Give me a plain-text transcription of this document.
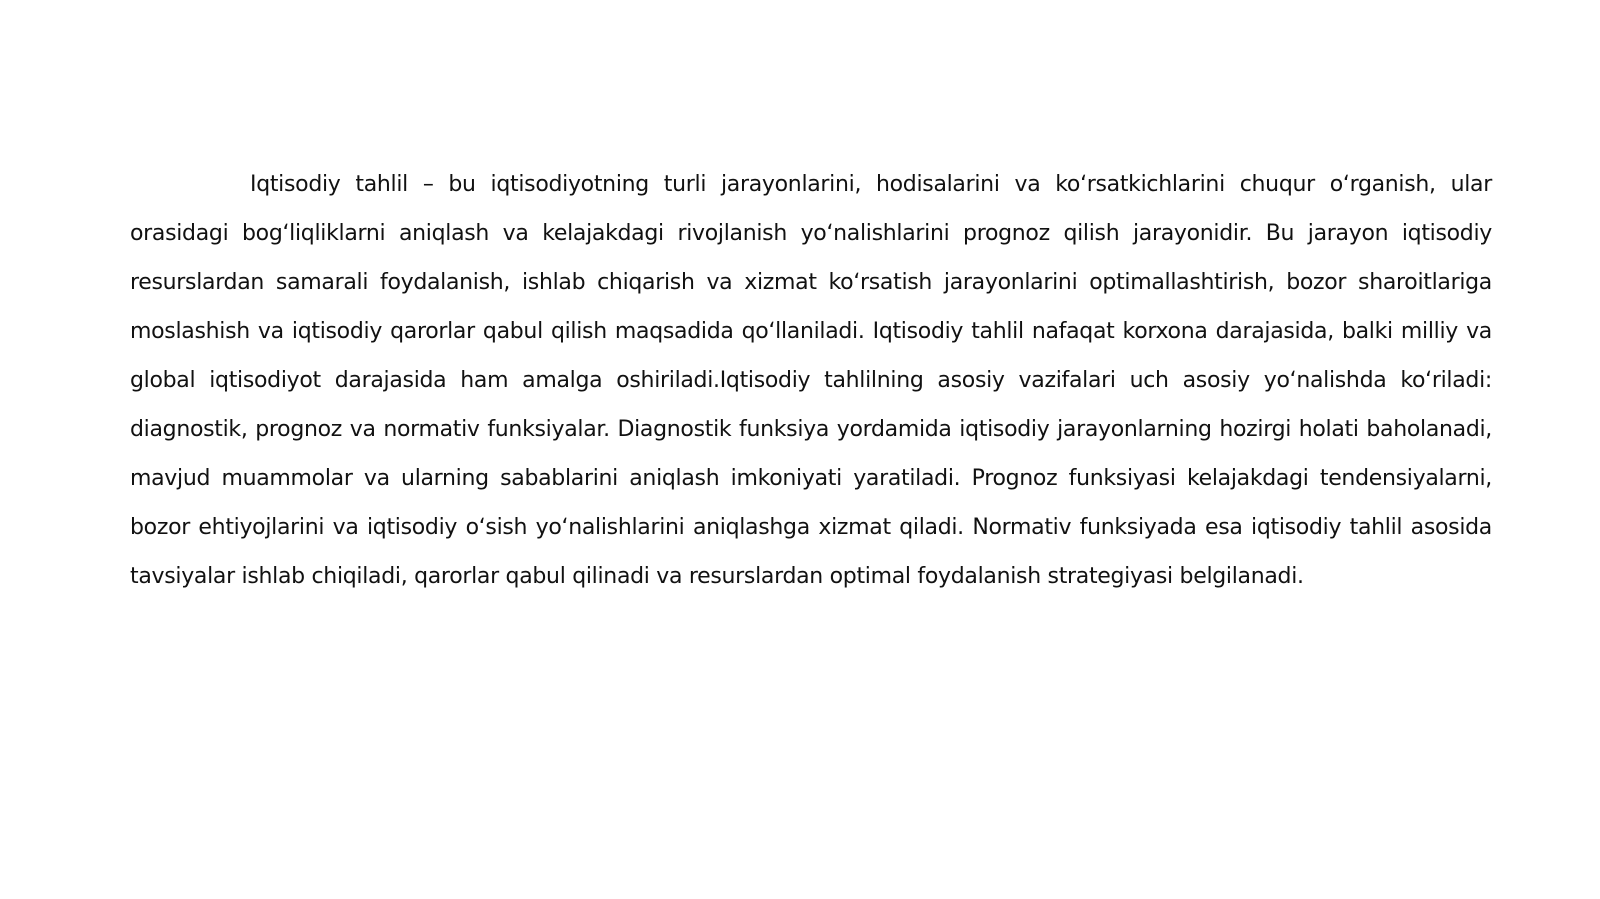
Iqtisodiy tahlil – bu iqtisodiyotning turli jarayonlarini, hodisalarini va koʻrsatkichlarini chuqur oʻrganish, ular orasidagi bogʻliqliklarni aniqlash va kelajakdagi rivojlanish yoʻnalishlarini prognoz qilish jarayonidir. Bu jarayon iqtisodiy resurslardan samarali foydalanish, ishlab chiqarish va xizmat koʻrsatish jarayonlarini optimallashtirish, bozor sharoitlariga moslashish va iqtisodiy qarorlar qabul qilish maqsadida qoʻllaniladi. Iqtisodiy tahlil nafaqat korxona darajasida, balki milliy va global iqtisodiyot darajasida ham amalga oshiriladi.Iqtisodiy tahlilning asosiy vazifalari uch asosiy yoʻnalishda koʻriladi: diagnostik, prognoz va normativ funksiyalar. Diagnostik funksiya yordamida iqtisodiy jarayonlarning hozirgi holati baholanadi, mavjud muammolar va ularning sabablarini aniqlash imkoniyati yaratiladi. Prognoz funksiyasi kelajakdagi tendensiyalarni, bozor ehtiyojlarini va iqtisodiy oʻsish yoʻnalishlarini aniqlashga xizmat qiladi. Normativ funksiyada esa iqtisodiy tahlil asosida tavsiyalar ishlab chiqiladi, qarorlar qabul qilinadi va resurslardan optimal foydalanish strategiyasi belgilanadi.
